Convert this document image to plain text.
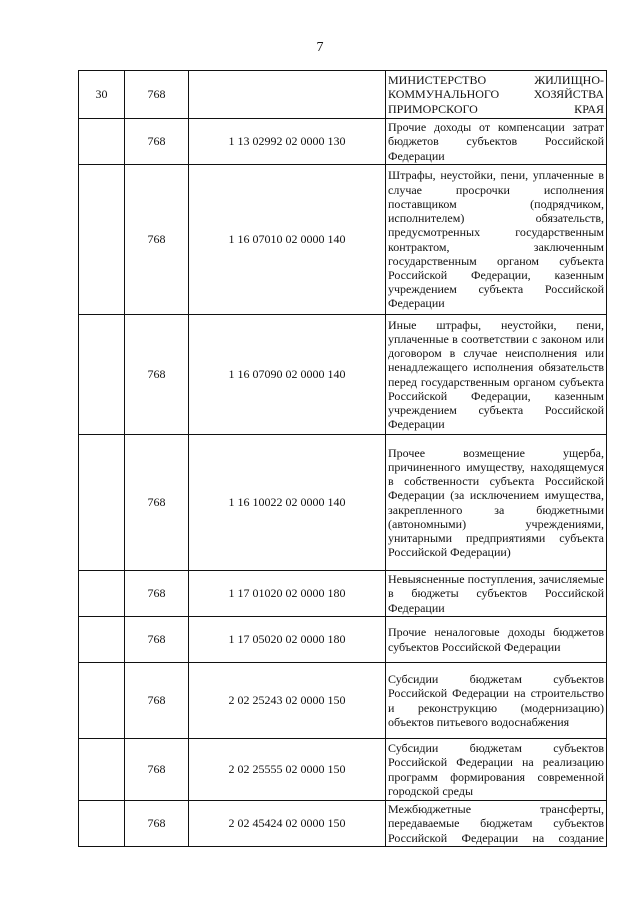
7
30	768		МИНИСТЕРСТВО ЖИЛИЩНО-КОММУНАЛЬНОГО ХОЗЯЙСТВА ПРИМОРСКОГО КРАЯ
	768	1 13 02992 02 0000 130	Прочие доходы от компенсации затрат бюджетов субъектов Российской Федерации
	768	1 16 07010 02 0000 140	Штрафы, неустойки, пени, уплаченные в случае просрочки исполнения поставщиком (подрядчиком, исполнителем) обязательств, предусмотренных государственным контрактом, заключенным государственным органом субъекта Российской Федерации, казенным учреждением субъекта Российской Федерации
	768	1 16 07090 02 0000 140	Иные штрафы, неустойки, пени, уплаченные в соответствии с законом или договором в случае неисполнения или ненадлежащего исполнения обязательств перед государственным органом субъекта Российской Федерации, казенным учреждением субъекта Российской Федерации
	768	1 16 10022 02 0000 140	Прочее возмещение ущерба, причиненного имуществу, находящемуся в собственности субъекта Российской Федерации (за исключением имущества, закрепленного за бюджетными (автономными) учреждениями, унитарными предприятиями субъекта Российской Федерации)
	768	1 17 01020 02 0000 180	Невыясненные поступления, зачисляемые в бюджеты субъектов Российской Федерации
	768	1 17 05020 02 0000 180	Прочие неналоговые доходы бюджетов субъектов Российской Федерации
	768	2 02 25243 02 0000 150	Субсидии бюджетам субъектов Российской Федерации на строительство и реконструкцию (модернизацию) объектов питьевого водоснабжения
	768	2 02 25555 02 0000 150	Субсидии бюджетам субъектов Российской Федерации на реализацию программ формирования современной городской среды
	768	2 02 45424 02 0000 150	Межбюджетные трансферты, передаваемые бюджетам субъектов Российской Федерации на создание
